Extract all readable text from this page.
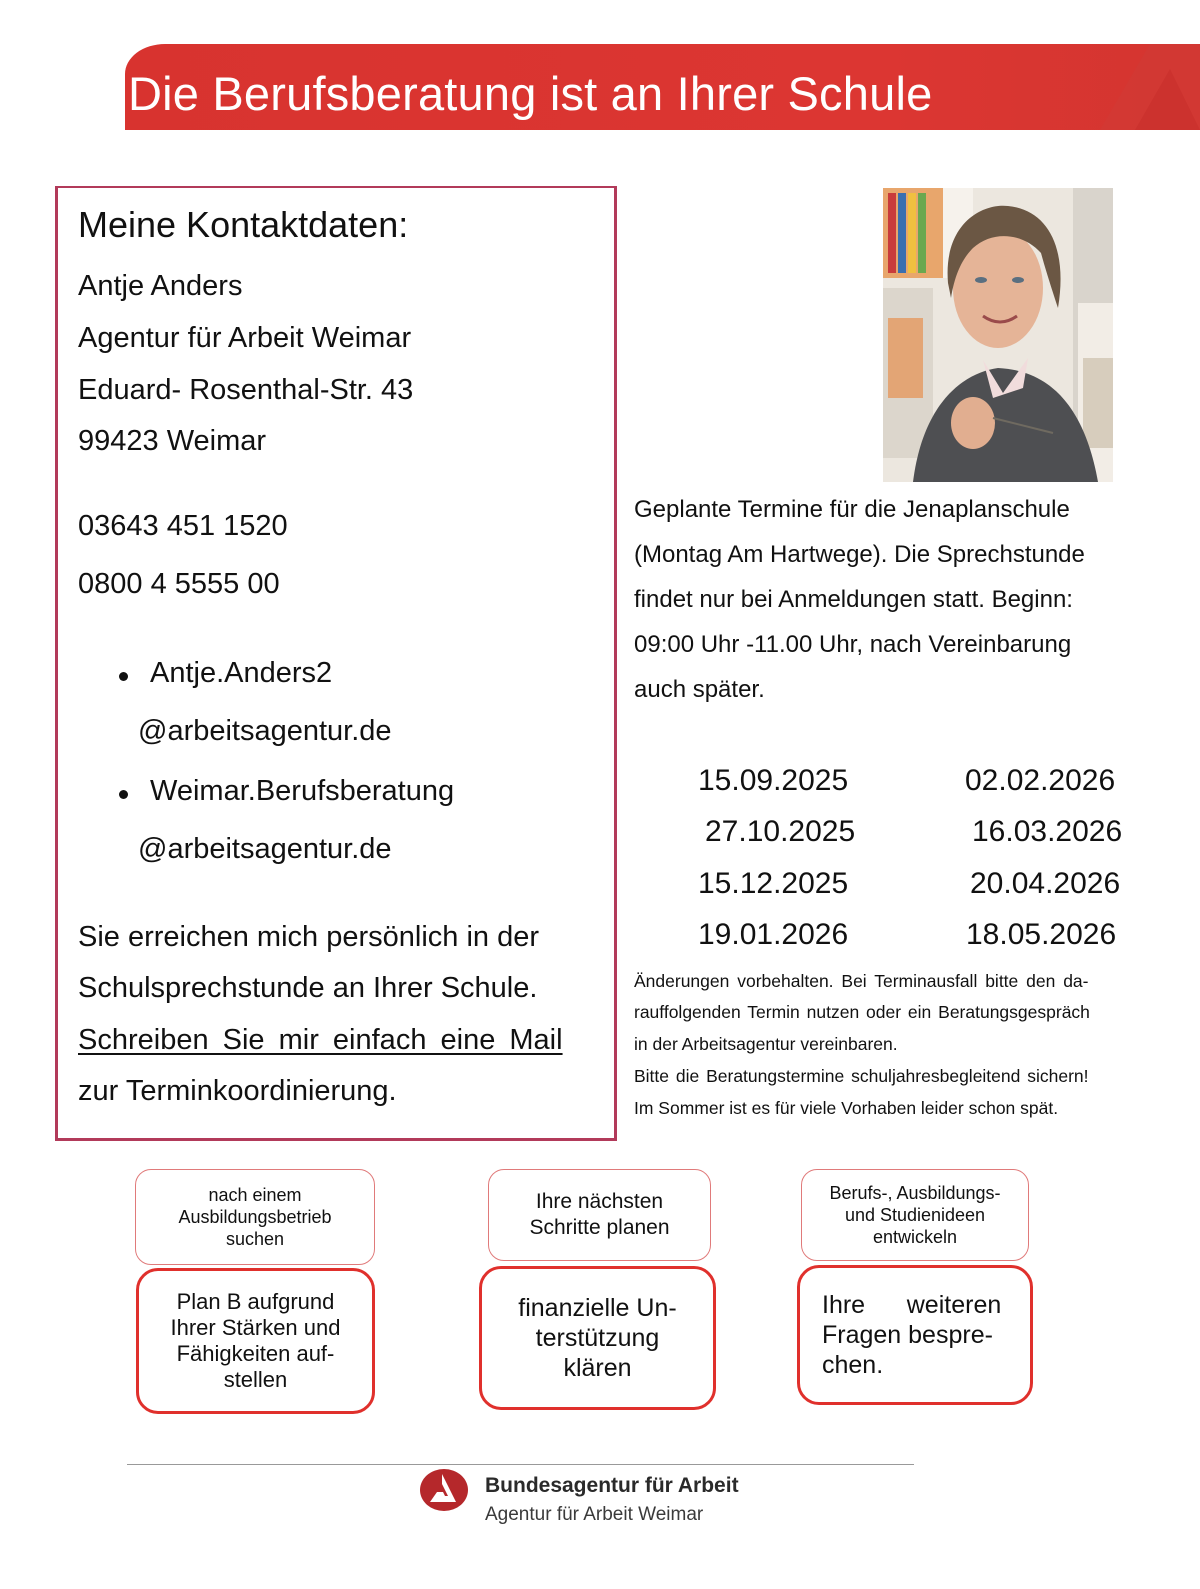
Die Berufsberatung ist an Ihrer Schule
Meine Kontaktdaten:
Antje Anders
Agentur für Arbeit Weimar
Eduard- Rosenthal-Str. 43
99423 Weimar
03643 451 1520
0800 4 5555 00
Antje.Anders2
@arbeitsagentur.de
Weimar.Berufsberatung
@arbeitsagentur.de
Sie erreichen mich persönlich in der
Schulsprechstunde an Ihrer Schule.
Schreiben Sie mir einfach eine Mail
zur Terminkoordinierung.
Geplante Termine für die Jenaplanschule
(Montag Am Hartwege). Die Sprechstunde
findet nur bei Anmeldungen statt. Beginn:
09:00 Uhr -11.00 Uhr, nach Vereinbarung
auch später.
15.09.2025
27.10.2025
15.12.2025
19.01.2026
02.02.2026
16.03.2026
20.04.2026
18.05.2026
Änderungen vorbehalten. Bei Terminausfall bitte den da-
rauffolgenden Termin nutzen oder ein Beratungsgespräch
in der Arbeitsagentur vereinbaren.
Bitte die Beratungstermine schuljahresbegleitend sichern!
Im Sommer ist es für viele Vorhaben leider schon spät.
nach einem
Ausbildungsbetrieb
suchen
Ihre nächsten
Schritte planen
Berufs-, Ausbildungs-
und Studienideen
entwickeln
Plan B aufgrund
Ihrer Stärken und
Fähigkeiten auf-
stellen
finanzielle Un-
terstützung
klären
Ihre      weiteren
Fragen bespre-
chen.
Bundesagentur für Arbeit
Agentur für Arbeit Weimar
